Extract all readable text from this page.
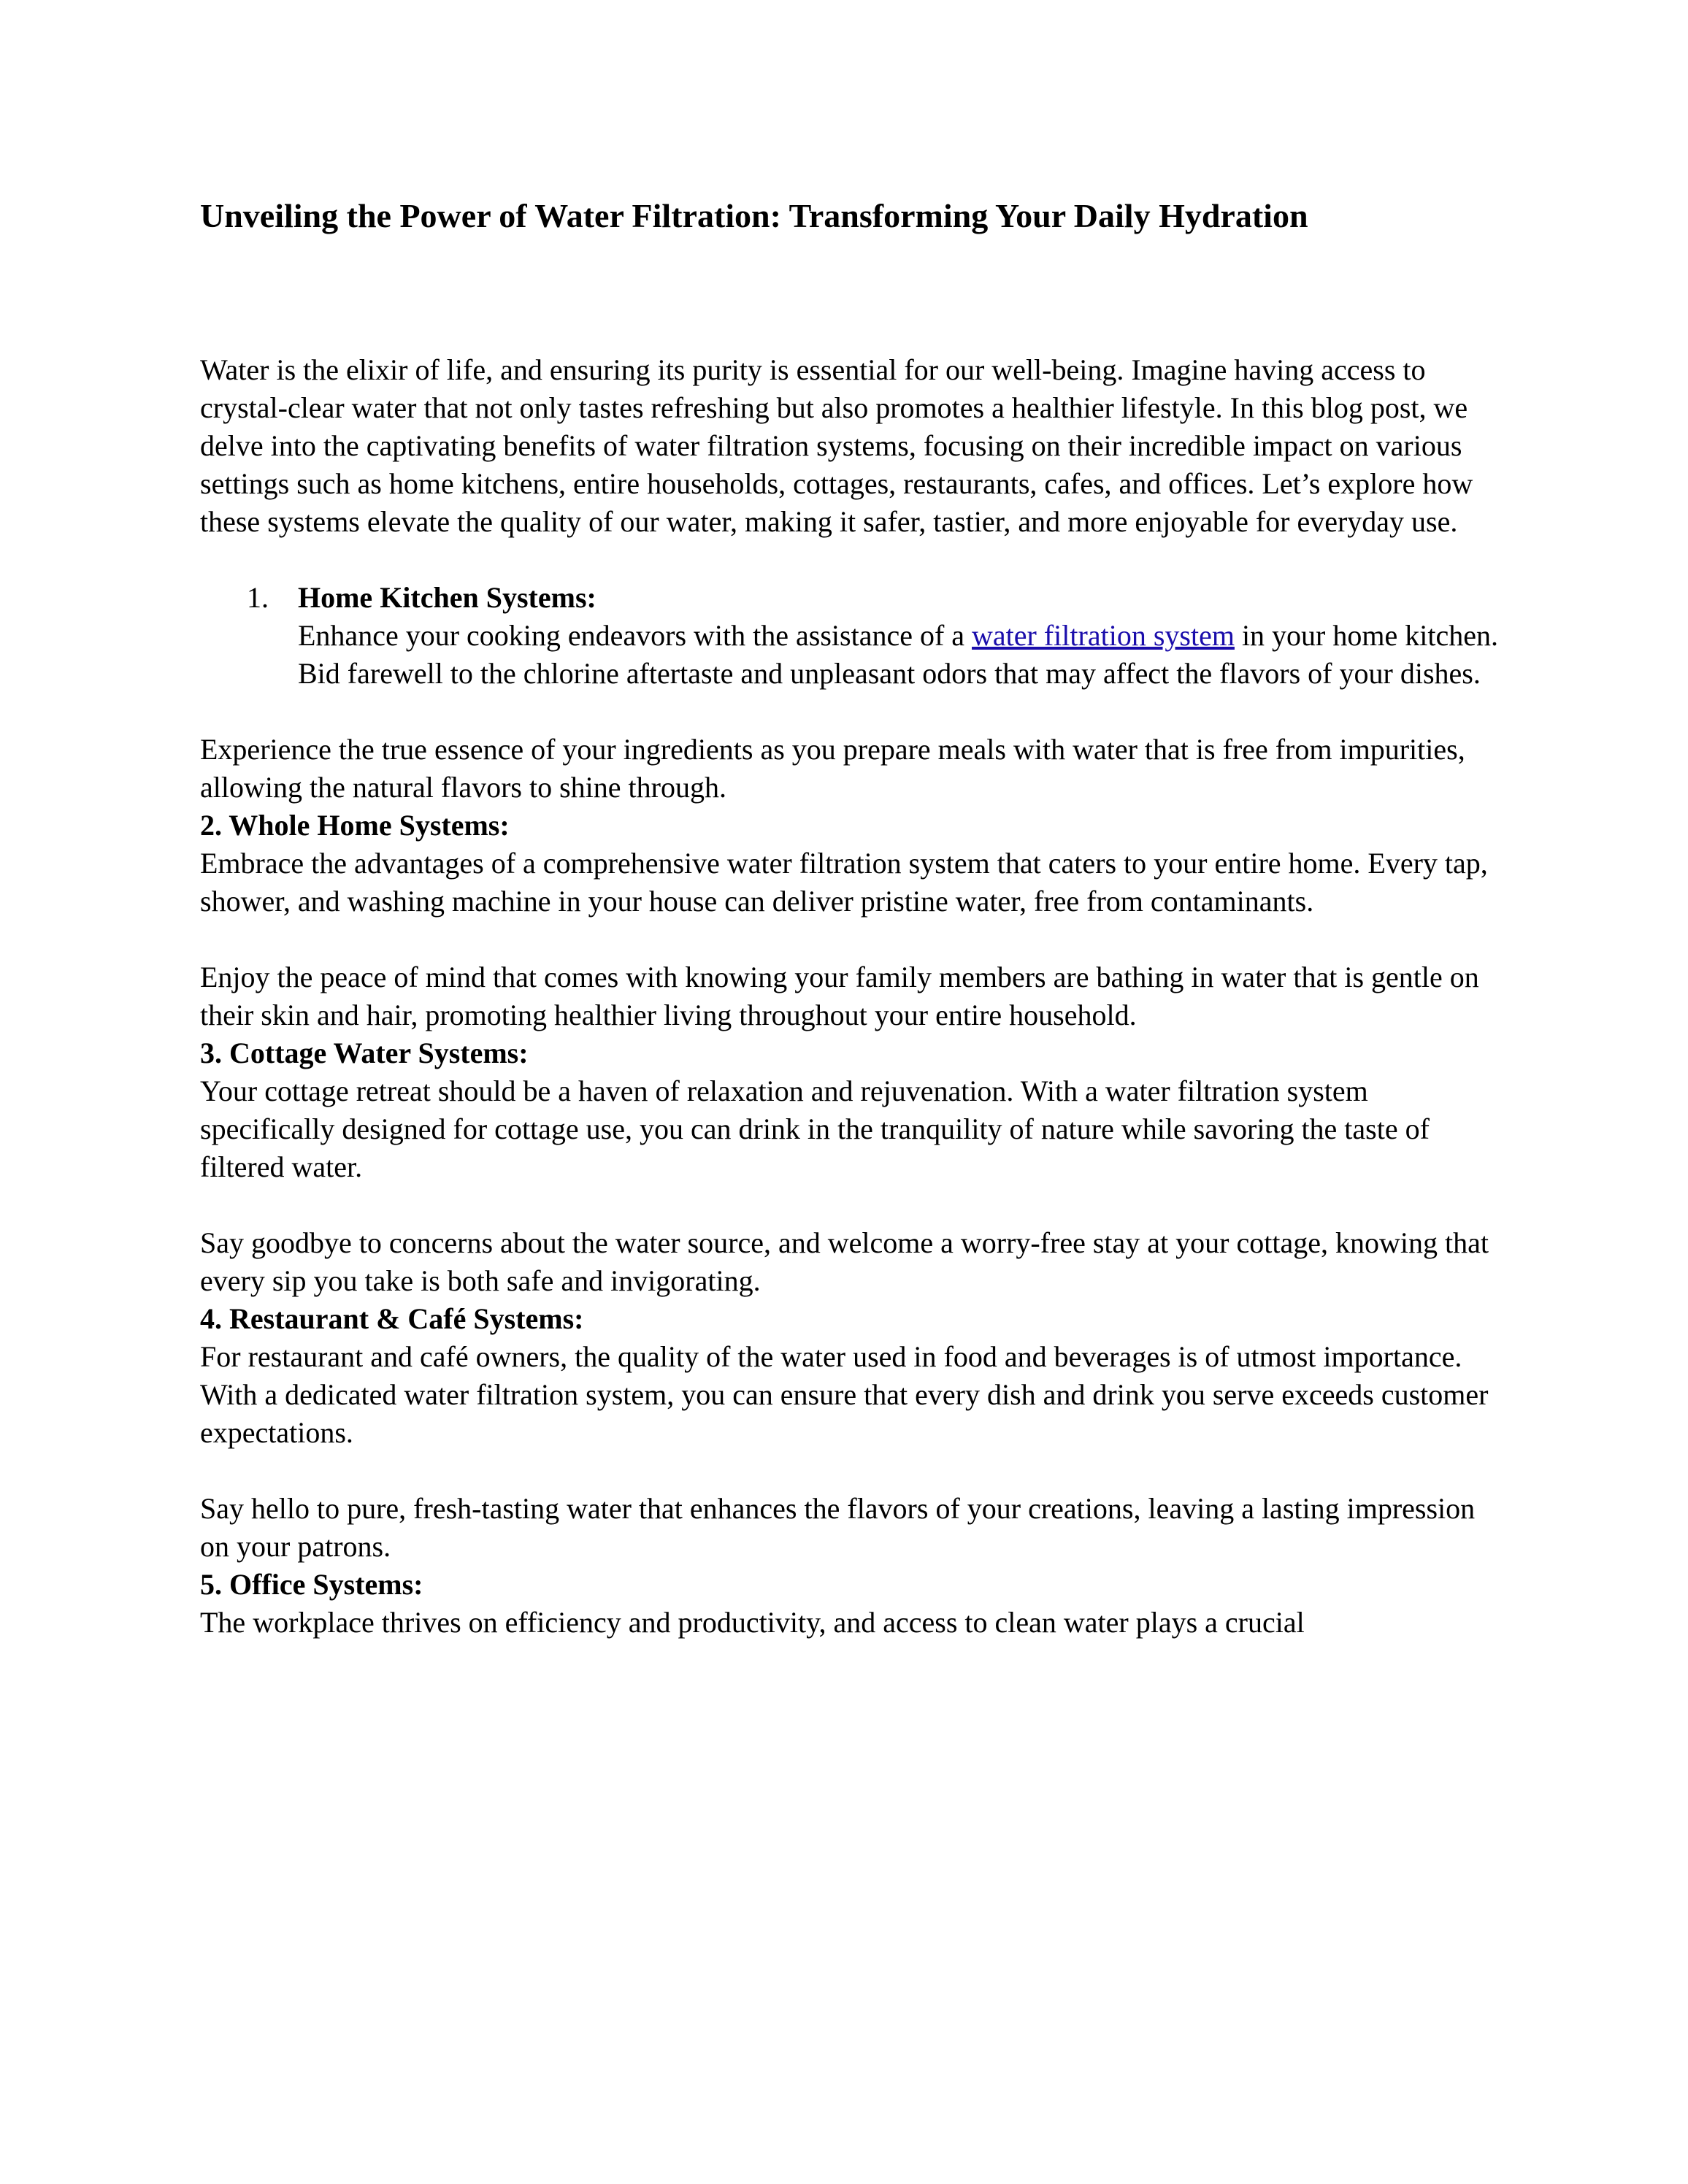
Unveiling the Power of Water Filtration: Transforming Your Daily Hydration

Water is the elixir of life, and ensuring its purity is essential for our well-being. Imagine having access to crystal-clear water that not only tastes refreshing but also promotes a healthier lifestyle. In this blog post, we delve into the captivating benefits of water filtration systems, focusing on their incredible impact on various settings such as home kitchens, entire households, cottages, restaurants, cafes, and offices. Let’s explore how these systems elevate the quality of our water, making it safer, tastier, and more enjoyable for everyday use.

1. Home Kitchen Systems:
Enhance your cooking endeavors with the assistance of a water filtration system in your home kitchen. Bid farewell to the chlorine aftertaste and unpleasant odors that may affect the flavors of your dishes.

Experience the true essence of your ingredients as you prepare meals with water that is free from impurities, allowing the natural flavors to shine through.

2. Whole Home Systems:

Embrace the advantages of a comprehensive water filtration system that caters to your entire home. Every tap, shower, and washing machine in your house can deliver pristine water, free from contaminants.

Enjoy the peace of mind that comes with knowing your family members are bathing in water that is gentle on their skin and hair, promoting healthier living throughout your entire household.

3. Cottage Water Systems:

Your cottage retreat should be a haven of relaxation and rejuvenation. With a water filtration system specifically designed for cottage use, you can drink in the tranquility of nature while savoring the taste of filtered water.

Say goodbye to concerns about the water source, and welcome a worry-free stay at your cottage, knowing that every sip you take is both safe and invigorating.

4. Restaurant & Café Systems:

For restaurant and café owners, the quality of the water used in food and beverages is of utmost importance. With a dedicated water filtration system, you can ensure that every dish and drink you serve exceeds customer expectations.

Say hello to pure, fresh-tasting water that enhances the flavors of your creations, leaving a lasting impression on your patrons.

5. Office Systems:

The workplace thrives on efficiency and productivity, and access to clean water plays a crucial
